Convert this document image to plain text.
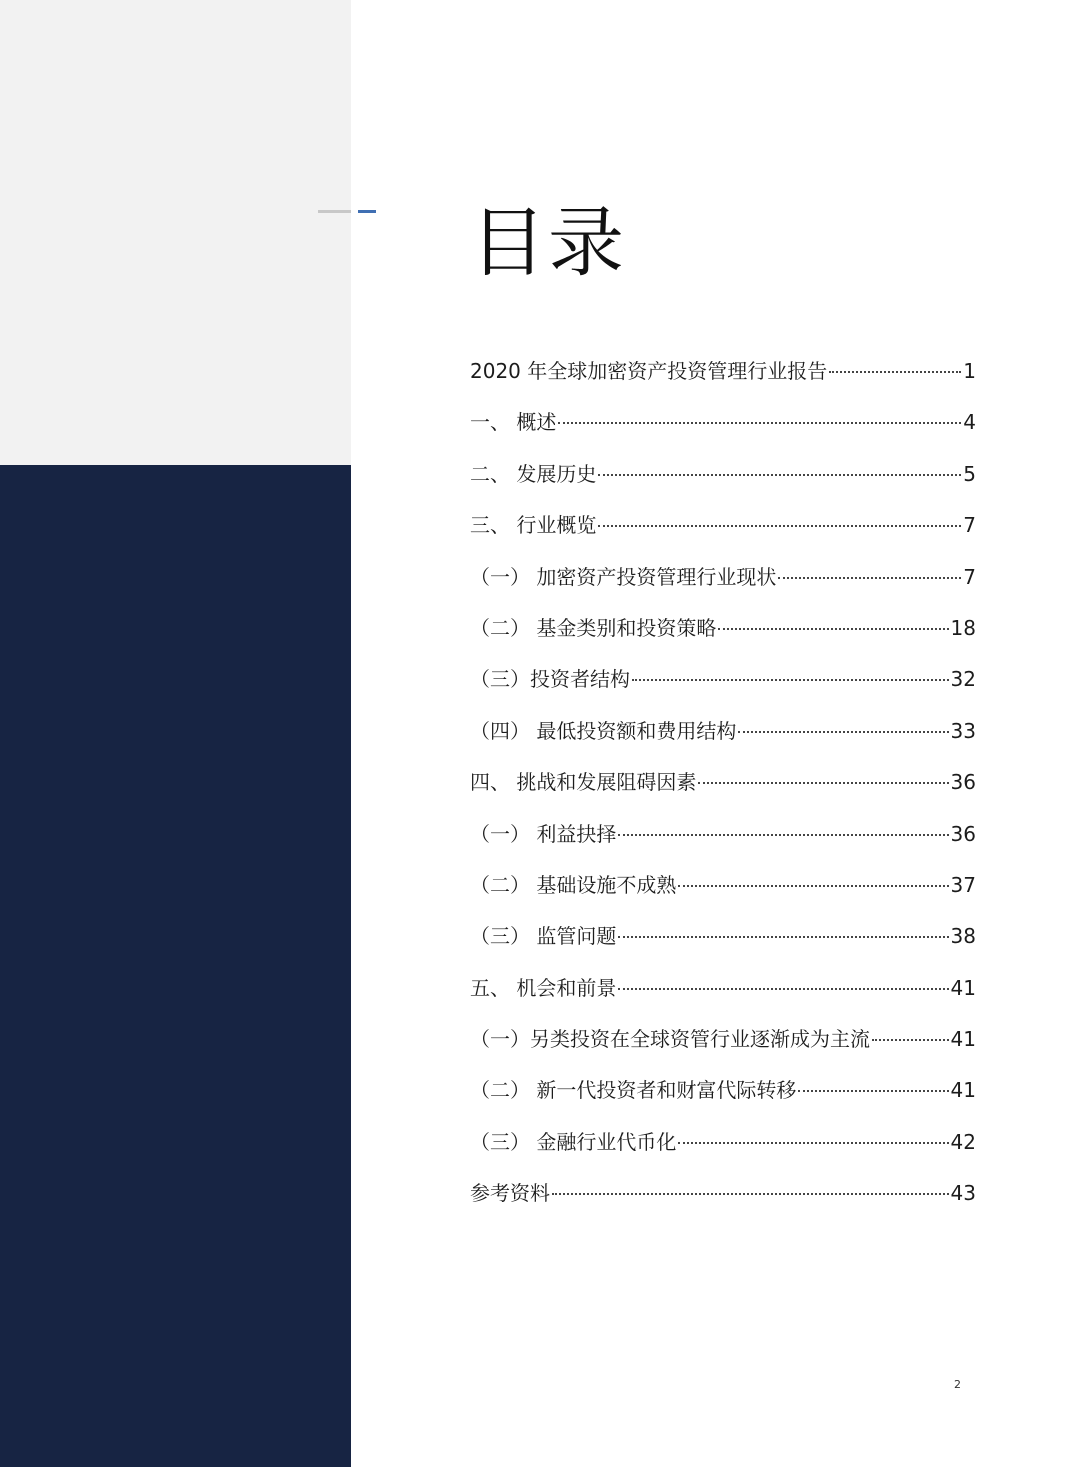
目录
2020 年全球加密资产投资管理行业报告	1
一、 概述	4
二、 发展历史	5
三、 行业概览	7
（一） 加密资产投资管理行业现状	7
（二） 基金类别和投资策略	18
（三）投资者结构	32
（四） 最低投资额和费用结构	33
四、 挑战和发展阻碍因素	36
（一） 利益抉择	36
（二） 基础设施不成熟	37
（三） 监管问题	38
五、 机会和前景	41
（一）另类投资在全球资管行业逐渐成为主流	41
（二） 新一代投资者和财富代际转移	41
（三） 金融行业代币化	42
参考资料	43
2
